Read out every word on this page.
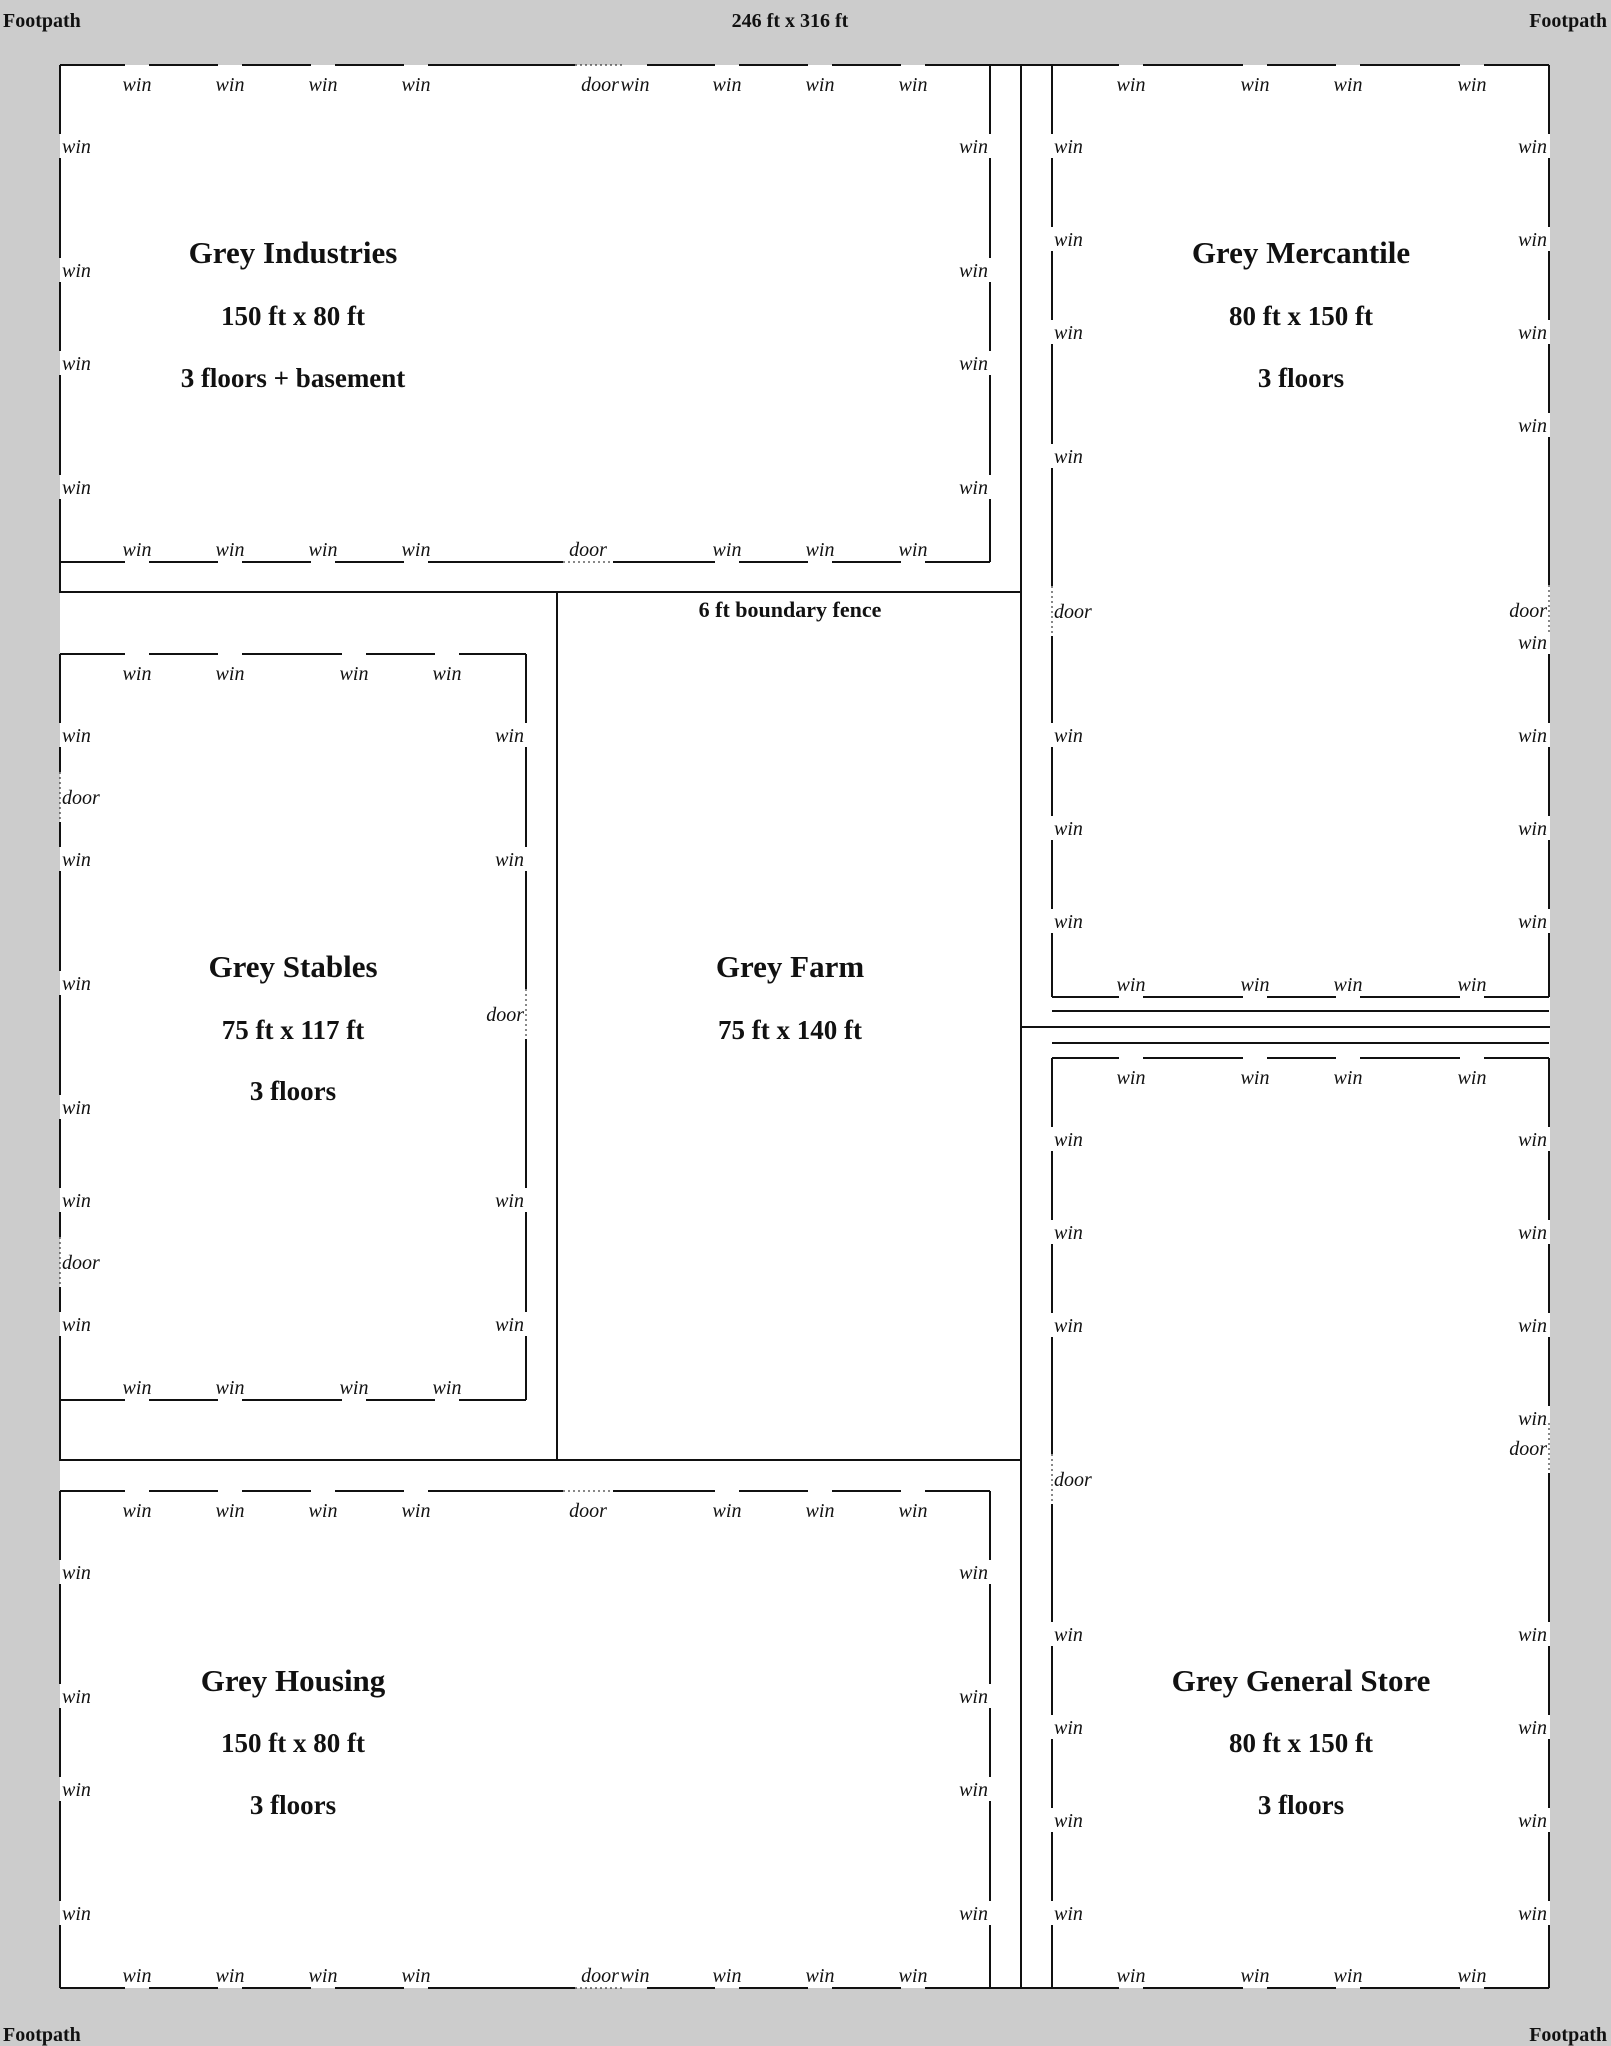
win	win	win	win	door win	win	win	win
win	win	win	win	door	win	win	win
win
win
win
win
win
win
win
win
win	win	win	win
win	win	win	win
win
win
win
win
door
win
win
win
win
win
win
win
door
win
win
win
win
win	win	win	win
win	win	win	win
win
door
win
win
win
win
door
win
win
win
door
win
win
win	win	win	win	door	win	win	win
win	win	win	win	door win	win	win	win
win
win
win
win
win
win
win
win
win	win	win	win
win	win	win	win
win
win
win
door
win
win
win
win
win
win
win
win
door
win
win
win
win
Footpath	Footpath
Footpath	Footpath
246 ft x 316 ft
6 ft boundary fence
Grey Industries
150 ft x 80 ft
3 floors + basement
Grey Mercantile
80 ft x 150 ft
3 floors
Grey Stables
75 ft x 117 ft
3 floors
Grey Farm
75 ft x 140 ft
Grey Housing
150 ft x 80 ft
3 floors
Grey General Store
80 ft x 150 ft
3 floors
